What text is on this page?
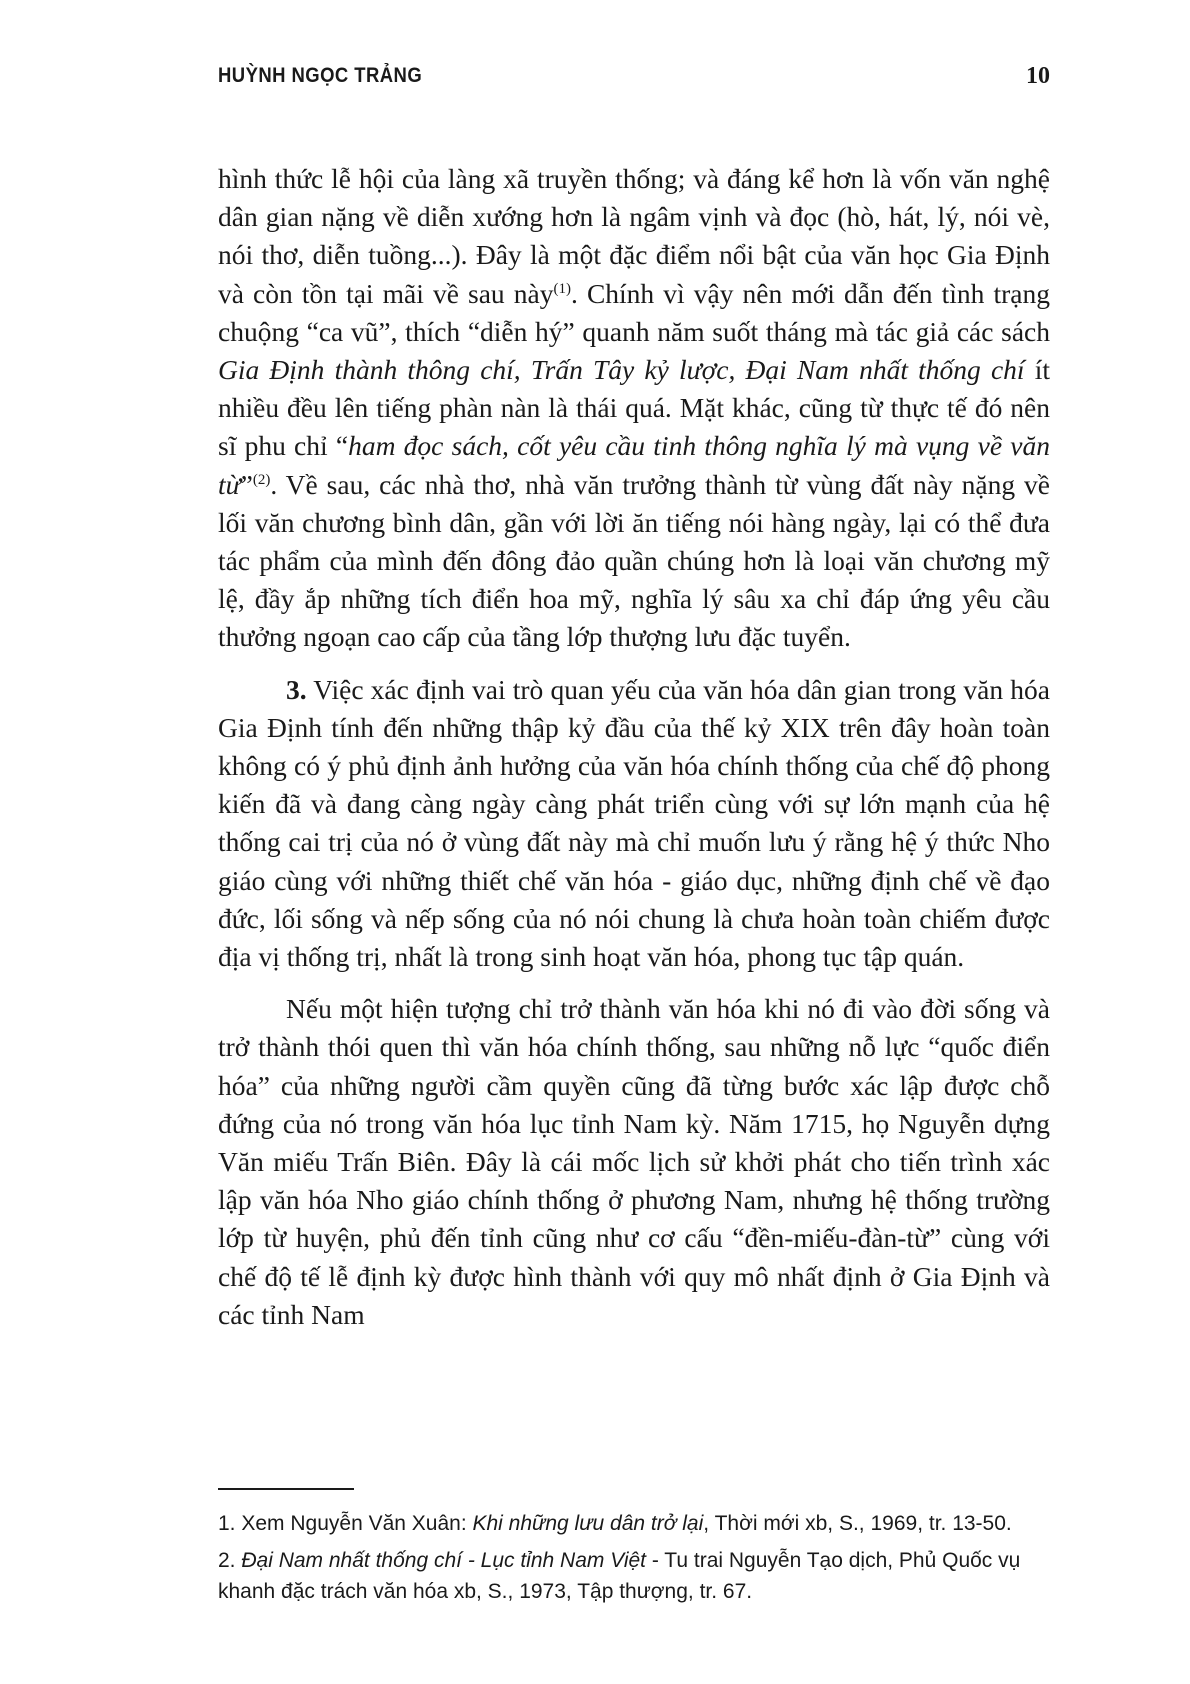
HUỲNH NGỌC TRẢNG	10

hình thức lễ hội của làng xã truyền thống; và đáng kể hơn là vốn văn nghệ dân gian nặng về diễn xướng hơn là ngâm vịnh và đọc (hò, hát, lý, nói vè, nói thơ, diễn tuồng...). Đây là một đặc điểm nổi bật của văn học Gia Định và còn tồn tại mãi về sau này$^{(1)}$. Chính vì vậy nên mới dẫn đến tình trạng chuộng “ca vũ”, thích “diễn hý” quanh năm suốt tháng mà tác giả các sách Gia Định thành thông chí, Trấn Tây kỷ lược, Đại Nam nhất thống chí ít nhiều đều lên tiếng phàn nàn là thái quá. Mặt khác, cũng từ thực tế đó nên sĩ phu chỉ “ham đọc sách, cốt yêu cầu tinh thông nghĩa lý mà vụng về văn từ”$^{(2)}$. Về sau, các nhà thơ, nhà văn trưởng thành từ vùng đất này nặng về lối văn chương bình dân, gần với lời ăn tiếng nói hàng ngày, lại có thể đưa tác phẩm của mình đến đông đảo quần chúng hơn là loại văn chương mỹ lệ, đầy ắp những tích điển hoa mỹ, nghĩa lý sâu xa chỉ đáp ứng yêu cầu thưởng ngoạn cao cấp của tầng lớp thượng lưu đặc tuyển.

3. Việc xác định vai trò quan yếu của văn hóa dân gian trong văn hóa Gia Định tính đến những thập kỷ đầu của thế kỷ XIX trên đây hoàn toàn không có ý phủ định ảnh hưởng của văn hóa chính thống của chế độ phong kiến đã và đang càng ngày càng phát triển cùng với sự lớn mạnh của hệ thống cai trị của nó ở vùng đất này mà chỉ muốn lưu ý rằng hệ ý thức Nho giáo cùng với những thiết chế văn hóa - giáo dục, những định chế về đạo đức, lối sống và nếp sống của nó nói chung là chưa hoàn toàn chiếm được địa vị thống trị, nhất là trong sinh hoạt văn hóa, phong tục tập quán.

Nếu một hiện tượng chỉ trở thành văn hóa khi nó đi vào đời sống và trở thành thói quen thì văn hóa chính thống, sau những nỗ lực “quốc điển hóa” của những người cầm quyền cũng đã từng bước xác lập được chỗ đứng của nó trong văn hóa lục tỉnh Nam kỳ. Năm 1715, họ Nguyễn dựng Văn miếu Trấn Biên. Đây là cái mốc lịch sử khởi phát cho tiến trình xác lập văn hóa Nho giáo chính thống ở phương Nam, nhưng hệ thống trường lớp từ huyện, phủ đến tỉnh cũng như cơ cấu “đền-miếu-đàn-từ” cùng với chế độ tế lễ định kỳ được hình thành với quy mô nhất định ở Gia Định và các tỉnh Nam

1. Xem Nguyễn Văn Xuân: Khi những lưu dân trở lại, Thời mới xb, S., 1969, tr. 13-50.

2. Đại Nam nhất thống chí - Lục tỉnh Nam Việt - Tu trai Nguyễn Tạo dịch, Phủ Quốc vụ khanh đặc trách văn hóa xb, S., 1973, Tập thượng, tr. 67.
